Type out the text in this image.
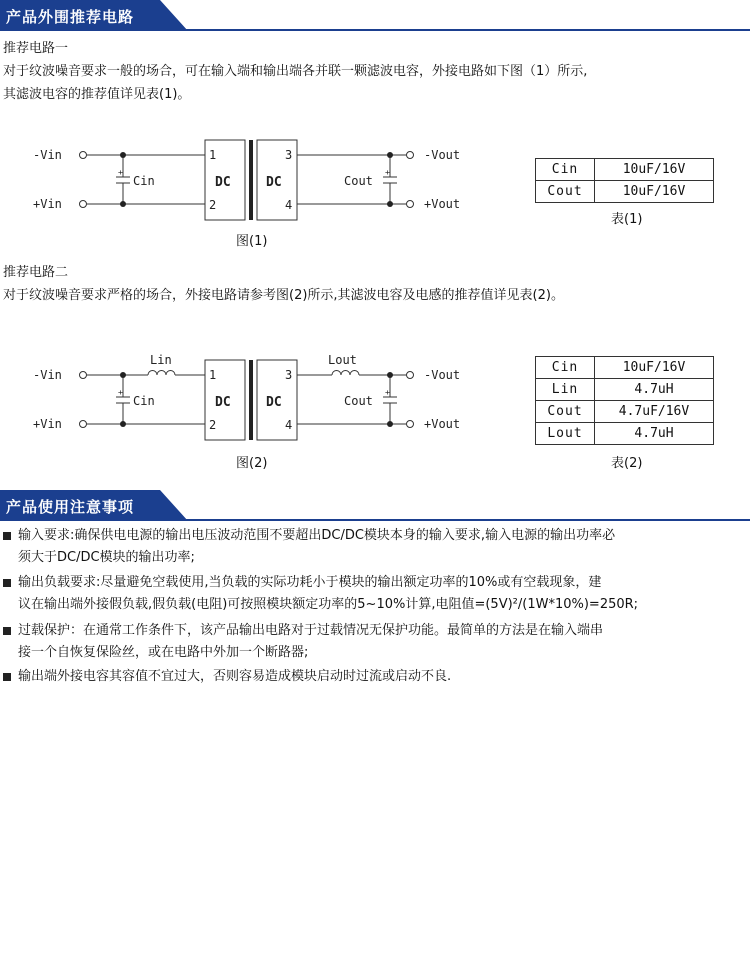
产品外围推荐电路
推荐电路一
对于纹波噪音要求一般的场合，可在输入端和输出端各并联一颗滤波电容，外接电路如下图（1）所示,
其滤波电容的推荐值详见表(1)。
-Vin
+Vin
Cin	Cout
-Vout
+Vout
1
2
3
4
DC	DC
+	+
图(1)
Cin	10uF/16V
Cout	10uF/16V
表(1)
推荐电路二
对于纹波噪音要求严格的场合，外接电路请参考图(2)所示,其滤波电容及电感的推荐值详见表(2)。
-Vin
+Vin
Lin	Lout
Cin	Cout
-Vout
+Vout
1
2
3
4
DC	DC
+	+
图(2)
Cin	10uF/16V
Lin	4.7uH
Cout	4.7uF/16V
Lout	4.7uH
表(2)
产品使用注意事项
输入要求:确保供电电源的输出电压波动范围不要超出DC/DC模块本身的输入要求,输入电源的输出功率必
须大于DC/DC模块的输出功率;
输出负载要求:尽量避免空载使用,当负载的实际功耗小于模块的输出额定功率的10%或有空载现象，建
议在输出端外接假负载,假负载(电阻)可按照模块额定功率的5~10%计算,电阻值=(5V)²/(1W*10%)=250R;
过载保护：在通常工作条件下，该产品输出电路对于过载情况无保护功能。最简单的方法是在输入端串
接一个自恢复保险丝，或在电路中外加一个断路器;
输出端外接电容其容值不宜过大，否则容易造成模块启动时过流或启动不良.
